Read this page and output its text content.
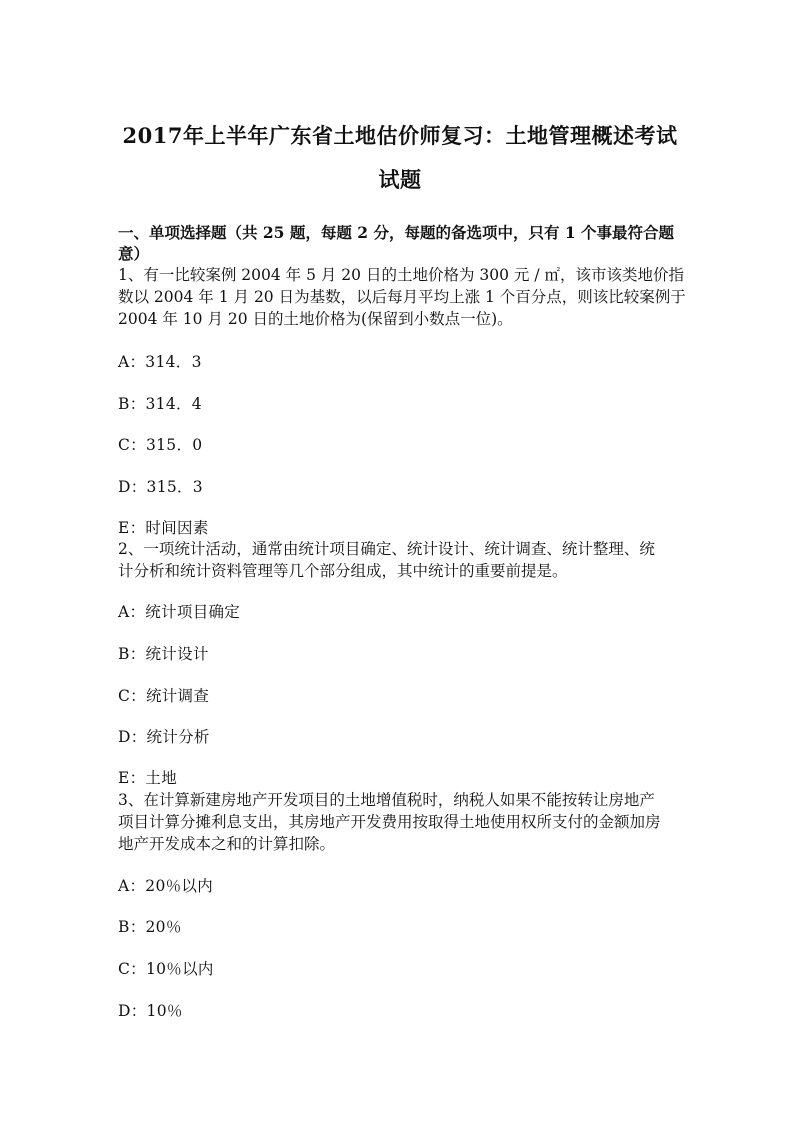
2017年上半年广东省土地估价师复习：土地管理概述考试
试题
一、单项选择题（共 25 题，每题 2 分，每题的备选项中，只有 1 个事最符合题
意）
1、有一比较案例 2004 年 5 月 20 日的土地价格为 300 元 / ㎡，该市该类地价指
数以 2004 年 1 月 20 日为基数，以后每月平均上涨 1 个百分点，则该比较案例于
2004 年 10 月 20 日的土地价格为(保留到小数点一位)。
A：314．3
B：314．4
C：315．0
D：315．3
E：时间因素
2、一项统计活动，通常由统计项目确定、统计设计、统计调查、统计整理、统
计分析和统计资料管理等几个部分组成，其中统计的重要前提是。
A：统计项目确定
B：统计设计
C：统计调查
D：统计分析
E：土地
3、在计算新建房地产开发项目的土地增值税时，纳税人如果不能按转让房地产
项目计算分摊利息支出，其房地产开发费用按取得土地使用权所支付的金额加房
地产开发成本之和的计算扣除。
A：20％以内
B：20％
C：10％以内
D：10％
